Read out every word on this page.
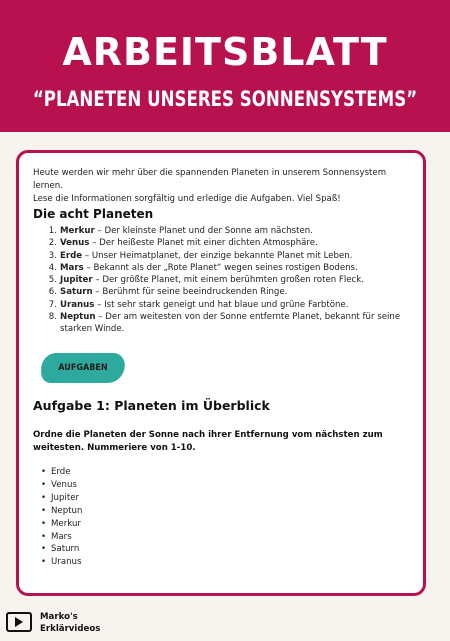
ARBEITSBLATT
“PLANETEN UNSERES SONNENSYSTEMS”
Heute werden wir mehr über die spannenden Planeten in unserem Sonnensystem lernen.
Lese die Informationen sorgfältig und erledige die Aufgaben. Viel Spaß!
Die acht Planeten
1. Merkur – Der kleinste Planet und der Sonne am nächsten.
2. Venus – Der heißeste Planet mit einer dichten Atmosphäre.
3. Erde – Unser Heimatplanet, der einzige bekannte Planet mit Leben.
4. Mars – Bekannt als der „Rote Planet“ wegen seines rostigen Bodens.
5. Jupiter – Der größte Planet, mit einem berühmten großen roten Fleck.
6. Saturn – Berühmt für seine beeindruckenden Ringe.
7. Uranus – Ist sehr stark geneigt und hat blaue und grüne Farbtöne.
8. Neptun – Der am weitesten von der Sonne entfernte Planet, bekannt für seine starken Winde.
AUFGABEN
Aufgabe 1: Planeten im Überblick
Ordne die Planeten der Sonne nach ihrer Entfernung vom nächsten zum weitesten. Nummeriere von 1-10.
• Erde
• Venus
• Jupiter
• Neptun
• Merkur
• Mars
• Saturn
• Uranus
Marko's
Erklärvideos
